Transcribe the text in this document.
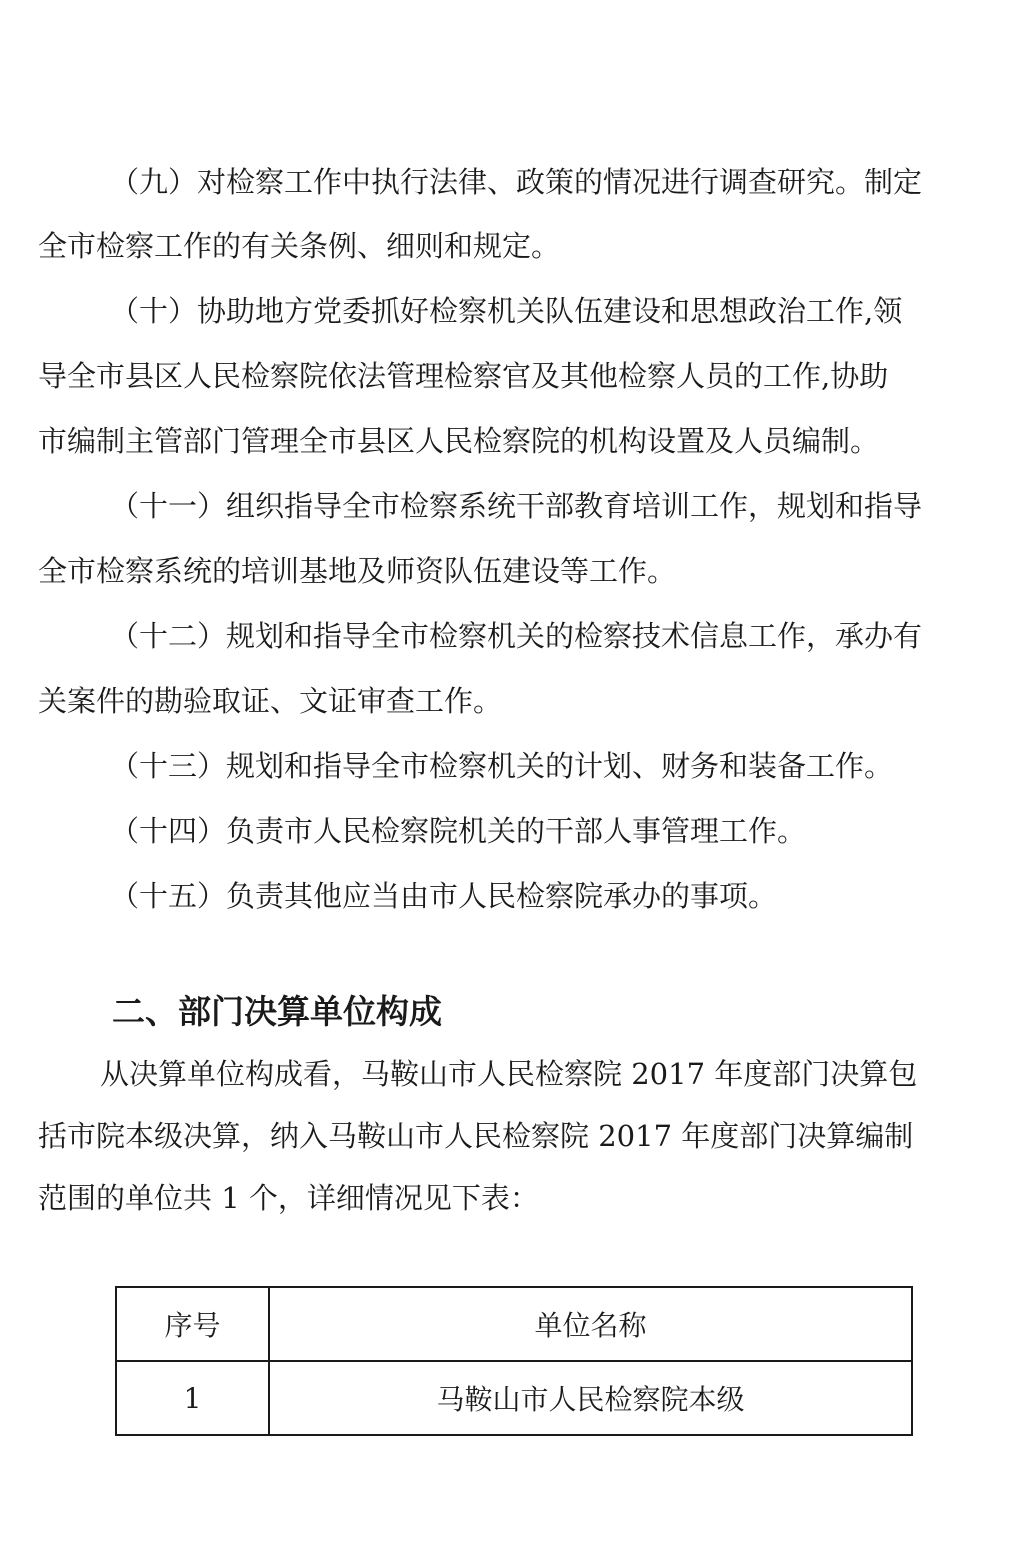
（九）对检察工作中执行法律、政策的情况进行调查研究。制定
全市检察工作的有关条例、细则和规定。
（十）协助地方党委抓好检察机关队伍建设和思想政治工作,领
导全市县区人民检察院依法管理检察官及其他检察人员的工作,协助
市编制主管部门管理全市县区人民检察院的机构设置及人员编制。
（十一）组织指导全市检察系统干部教育培训工作，规划和指导
全市检察系统的培训基地及师资队伍建设等工作。
（十二）规划和指导全市检察机关的检察技术信息工作，承办有
关案件的勘验取证、文证审查工作。
（十三）规划和指导全市检察机关的计划、财务和装备工作。
（十四）负责市人民检察院机关的干部人事管理工作。
（十五）负责其他应当由市人民检察院承办的事项。
二、部门决算单位构成
从决算单位构成看，马鞍山市人民检察院 2017 年度部门决算包
括市院本级决算，纳入马鞍山市人民检察院 2017 年度部门决算编制
范围的单位共 1 个，详细情况见下表：
序号	单位名称
1	马鞍山市人民检察院本级
